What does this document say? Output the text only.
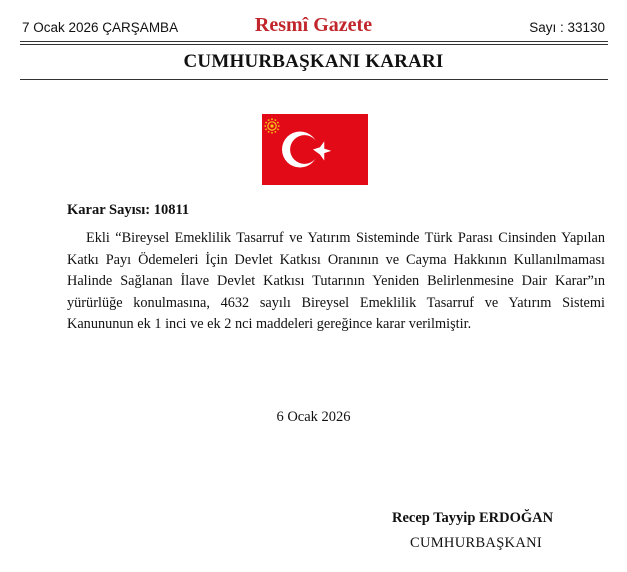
7 Ocak 2026 ÇARŞAMBA	Resmî Gazete	Sayı : 33130
CUMHURBAŞKANI KARARI
Karar Sayısı: 10811
Ekli “Bireysel Emeklilik Tasarruf ve Yatırım Sisteminde Türk Parası Cinsinden Yapılan Katkı Payı Ödemeleri İçin Devlet Katkısı Oranının ve Cayma Hakkının Kullanılmaması Halinde Sağlanan İlave Devlet Katkısı Tutarının Yeniden Belirlenmesine Dair Karar”ın yürürlüğe konulmasına, 4632 sayılı Bireysel Emeklilik Tasarruf ve Yatırım Sistemi Kanununun ek 1 inci ve ek 2 nci maddeleri gereğince karar verilmiştir.
6 Ocak 2026
Recep Tayyip ERDOĞAN
CUMHURBAŞKANI
